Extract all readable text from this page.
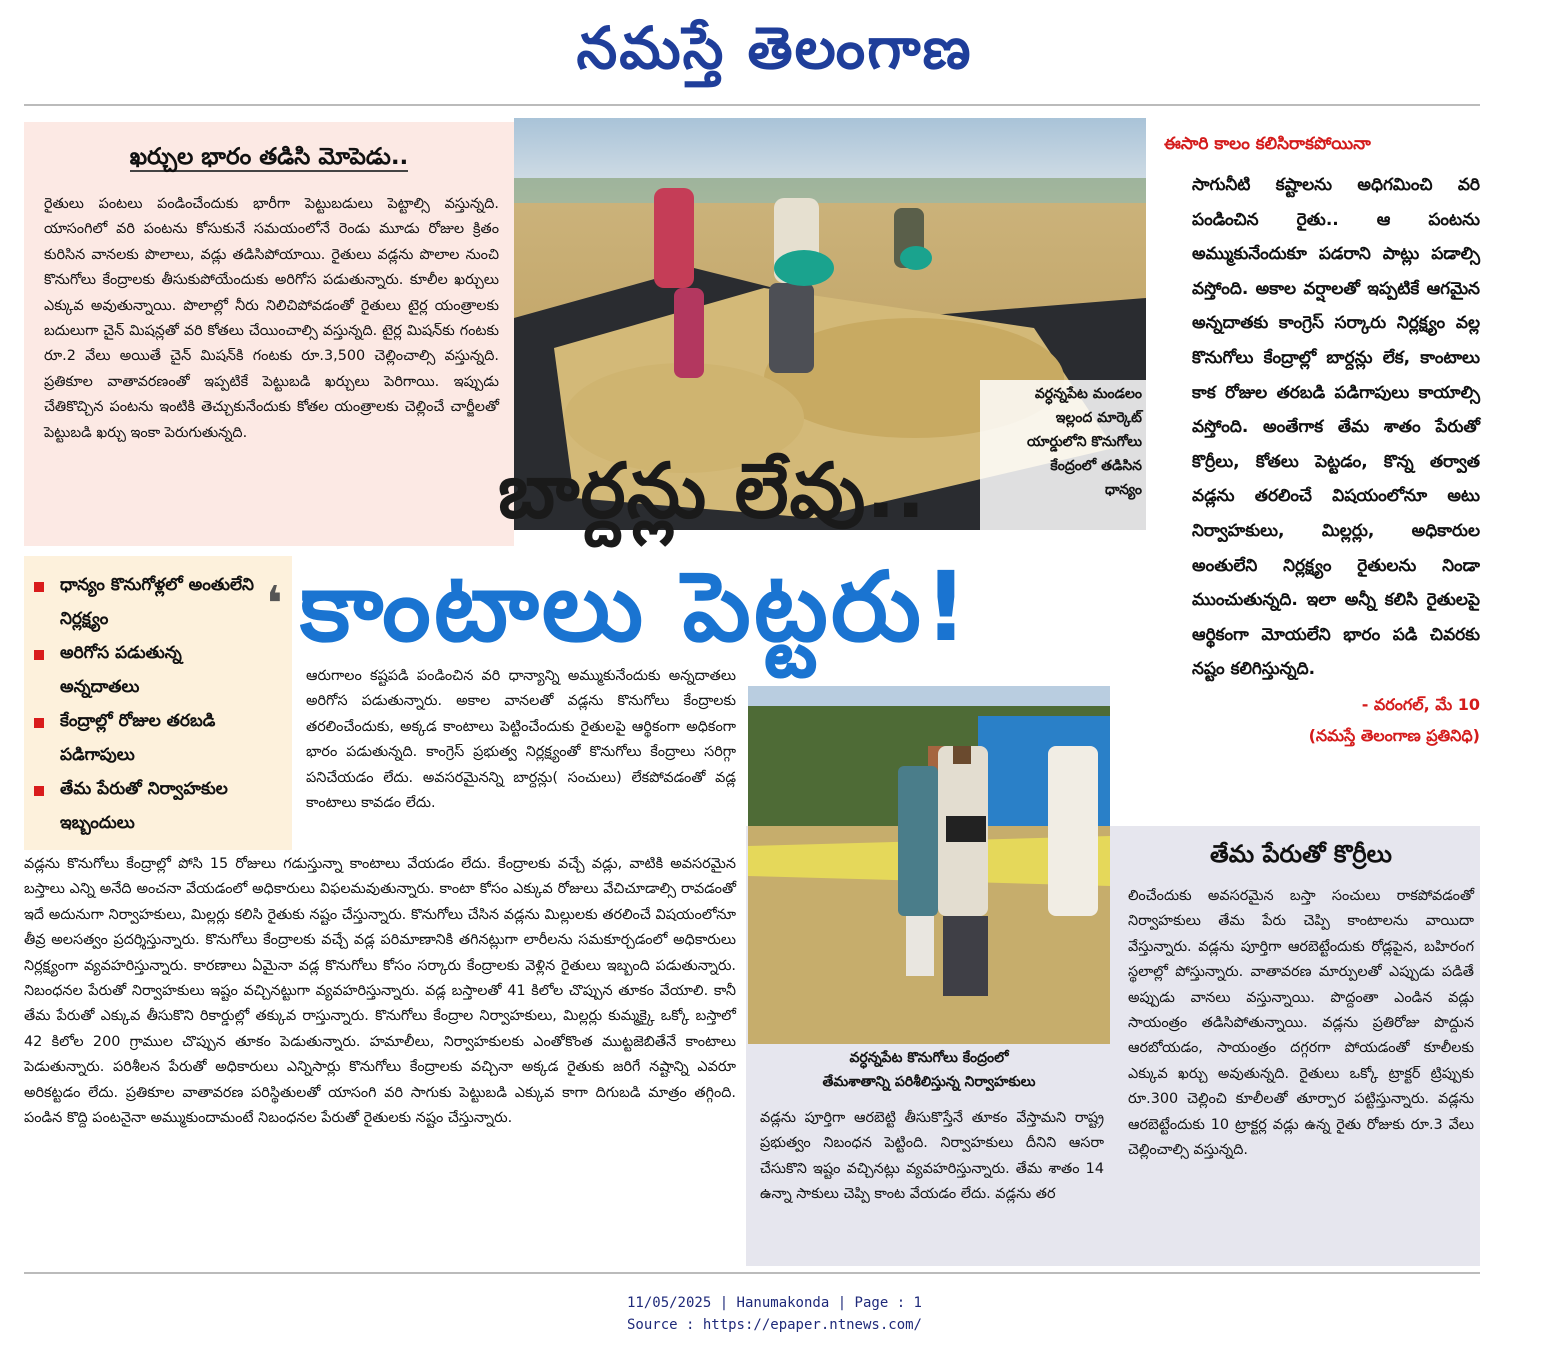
నమస్తే తెలంగాణ
ఖర్చుల భారం తడిసి మోపెడు..
రైతులు పంటలు పండించేందుకు భారీగా పెట్టుబడులు పెట్టాల్సి వస్తున్నది. యాసంగిలో వరి పంటను కోసుకునే సమయంలోనే రెండు మూడు రోజుల క్రితం కురిసిన వానలకు పొలాలు, వడ్లు తడిసిపోయాయి. రైతులు వడ్లను పొలాల నుంచి కొనుగోలు కేంద్రాలకు తీసుకుపోయేందుకు అరిగోస పడుతున్నారు. కూలీల ఖర్చులు ఎక్కువ అవుతున్నాయి. పొలాల్లో నీరు నిలిచిపోవడంతో రైతులు టైర్ల యంత్రాలకు బదులుగా చైన్ మిషన్లతో వరి కోతలు చేయించాల్సి వస్తున్నది. టైర్ల మిషన్‌కు గంటకు రూ.2 వేలు అయితే చైన్ మిషన్‌కి గంటకు రూ.3,500 చెల్లించాల్సి వస్తున్నది. ప్రతికూల వాతావరణంతో ఇప్పటికే పెట్టుబడి ఖర్చులు పెరిగాయి. ఇప్పుడు చేతికొచ్చిన పంటను ఇంటికి తెచ్చుకునేందుకు కోతల యంత్రాలకు చెల్లించే చార్జీలతో పెట్టుబడి ఖర్చు ఇంకా పెరుగుతున్నది.
వర్ధన్నపేట మండలం
ఇల్లంద మార్కెట్
యార్డులోని కొనుగోలు
కేంద్రంలో తడిసిన
ధాన్యం
బార్దన్లు లేవు..
కాంటాలు పెట్టరు!
ధాన్యం కొనుగోళ్లలో అంతులేని నిర్లక్ష్యం
అరిగోస పడుతున్న అన్నదాతలు
కేంద్రాల్లో రోజుల తరబడి పడిగాపులు
తేమ పేరుతో నిర్వాహకుల ఇబ్బందులు
❛
ఆరుగాలం కష్టపడి పండించిన వరి ధాన్యాన్ని అమ్ముకునేందుకు అన్నదాతలు అరిగోస పడుతున్నారు. అకాల వానలతో వడ్లను కొనుగోలు కేంద్రాలకు తరలించేందుకు, అక్కడ కాంటాలు పెట్టించేందుకు రైతులపై ఆర్థికంగా అధికంగా భారం పడుతున్నది. కాంగ్రెస్ ప్రభుత్వ నిర్లక్ష్యంతో కొనుగోలు కేంద్రాలు సరిగ్గా పనిచేయడం లేదు. అవసరమైనన్ని బార్దన్లు( సంచులు) లేకపోవడంతో వడ్ల కాంటాలు కావడం లేదు.
వడ్లను కొనుగోలు కేంద్రాల్లో పోసి 15 రోజులు గడుస్తున్నా కాంటాలు వేయడం లేదు. కేంద్రాలకు వచ్చే వడ్లు, వాటికి అవసరమైన బస్తాలు ఎన్ని అనేది అంచనా వేయడంలో అధికారులు విఫలమవుతున్నారు. కాంటా కోసం ఎక్కువ రోజులు వేచిచూడాల్సి రావడంతో ఇదే అదునుగా నిర్వాహకులు, మిల్లర్లు కలిసి రైతుకు నష్టం చేస్తున్నారు. కొనుగోలు చేసిన వడ్లను మిల్లులకు తరలించే విషయంలోనూ తీవ్ర అలసత్వం ప్రదర్శిస్తున్నారు. కొనుగోలు కేంద్రాలకు వచ్చే వడ్ల పరిమాణానికి తగినట్లుగా లారీలను సమకూర్చడంలో అధికారులు నిర్లక్ష్యంగా వ్యవహరిస్తున్నారు. కారణాలు ఏమైనా వడ్ల కొనుగోలు కోసం సర్కారు కేంద్రాలకు వెళ్లిన రైతులు ఇబ్బంది పడుతున్నారు. నిబంధనల పేరుతో నిర్వాహకులు ఇష్టం వచ్చినట్టుగా వ్యవహరిస్తున్నారు. వడ్ల బస్తాలతో 41 కిలోల చొప్పున తూకం వేయాలి. కానీ తేమ పేరుతో ఎక్కువ తీసుకొని రికార్డుల్లో తక్కువ రాస్తున్నారు. కొనుగోలు కేంద్రాల నిర్వాహకులు, మిల్లర్లు కుమ్మక్కై ఒక్కో బస్తాలో 42 కిలోల 200 గ్రాముల చొప్పున తూకం పెడుతున్నారు. హమాలీలు, నిర్వాహకులకు ఎంతోకొంత ముట్టజెబితేనే కాంటాలు పెడుతున్నారు. పరిశీలన పేరుతో అధికారులు ఎన్నిసార్లు కొనుగోలు కేంద్రాలకు వచ్చినా అక్కడ రైతుకు జరిగే నష్టాన్ని ఎవరూ అరికట్టడం లేదు. ప్రతికూల వాతావరణ పరిస్థితులతో యాసంగి వరి సాగుకు పెట్టుబడి ఎక్కువ కాగా దిగుబడి మాత్రం తగ్గింది. పండిన కొద్ది పంటనైనా అమ్ముకుందామంటే నిబంధనల పేరుతో రైతులకు నష్టం చేస్తున్నారు.
వర్ధన్నపేట కొనుగోలు కేంద్రంలో
తేమశాతాన్ని పరిశీలిస్తున్న నిర్వాహకులు
వడ్లను పూర్తిగా ఆరబెట్టి తీసుకొస్తేనే తూకం వేస్తామని రాష్ట్ర ప్రభుత్వం నిబంధన పెట్టింది. నిర్వాహకులు దీనిని ఆసరా చేసుకొని ఇష్టం వచ్చినట్లు వ్యవహరిస్తున్నారు. తేమ శాతం 14 ఉన్నా సాకులు చెప్పి కాంట వేయడం లేదు. వడ్లను తర
ఈసారి కాలం కలిసిరాకపోయినా
సాగునీటి కష్టాలను అధిగమించి వరి పండించిన రైతు.. ఆ పంటను అమ్ముకునేందుకూ పడరాని పాట్లు పడాల్సి వస్తోంది. అకాల వర్షాలతో ఇప్పటికే ఆగమైన అన్నదాతకు కాంగ్రెస్ సర్కారు నిర్లక్ష్యం వల్ల కొనుగోలు కేంద్రాల్లో బార్దన్లు లేక, కాంటాలు కాక రోజుల తరబడి పడిగాపులు కాయాల్సి వస్తోంది. అంతేగాక తేమ శాతం పేరుతో కొర్రీలు, కోతలు పెట్టడం, కొన్న తర్వాత వడ్లను తరలించే విషయంలోనూ అటు నిర్వాహకులు, మిల్లర్లు, అధికారుల అంతులేని నిర్లక్ష్యం రైతులను నిండా ముంచుతున్నది. ఇలా అన్నీ కలిసి రైతులపై ఆర్థికంగా మోయలేని భారం పడి చివరకు నష్టం కలిగిస్తున్నది.
- వరంగల్, మే 10
(నమస్తే తెలంగాణ ప్రతినిధి)
తేమ పేరుతో కొర్రీలు
లించేందుకు అవసరమైన బస్తా సంచులు రాకపోవడంతో నిర్వాహకులు తేమ పేరు చెప్పి కాంటాలను వాయిదా వేస్తున్నారు. వడ్లను పూర్తిగా ఆరబెట్టేందుకు రోడ్లపైన, బహిరంగ స్థలాల్లో పోస్తున్నారు. వాతావరణ మార్పులతో ఎప్పుడు పడితే అప్పుడు వానలు వస్తున్నాయి. పొద్దంతా ఎండిన వడ్లు సాయంత్రం తడిసిపోతున్నాయి. వడ్లను ప్రతిరోజు పొద్దున ఆరబోయడం, సాయంత్రం దగ్గరగా పోయడంతో కూలీలకు ఎక్కువ ఖర్చు అవుతున్నది. రైతులు ఒక్కో ట్రాక్టర్ ట్రిప్పుకు రూ.300 చెల్లించి కూలీలతో తూర్పార పట్టిస్తున్నారు. వడ్లను ఆరబెట్టేందుకు 10 ట్రాక్టర్ల వడ్లు ఉన్న రైతు రోజుకు రూ.3 వేలు చెల్లించాల్సి వస్తున్నది.
11/05/2025 | Hanumakonda | Page : 1
Source : https://epaper.ntnews.com/
